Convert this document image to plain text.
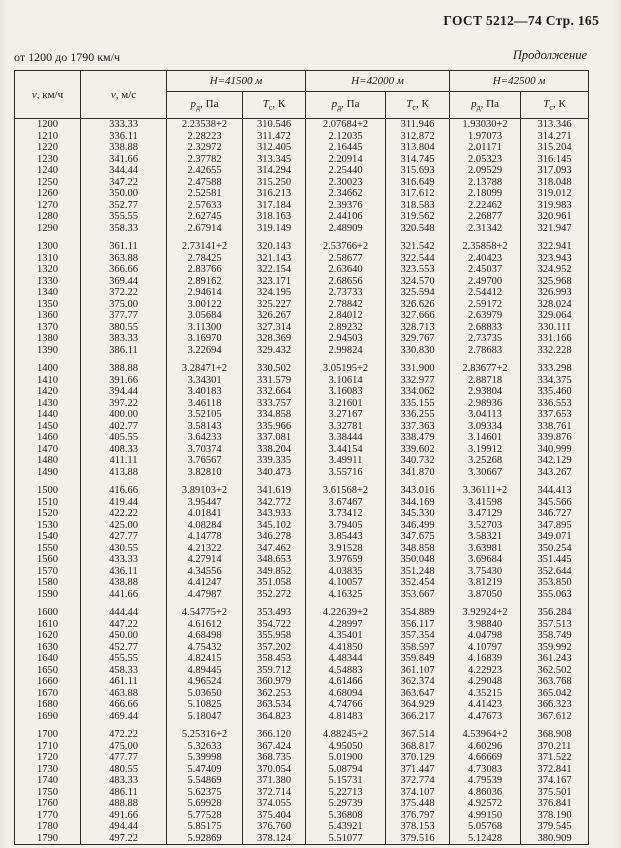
ГОСТ 5212—74 Стр. 165
Продолжение
от 1200 до 1790 км/ч
v, км/ч	v, м/с	Н=41500 м		Н=42000 м		Н=42500 м	
		$р_д$, Па	$Т_с$, К	$р_д$, Па	$Т_с$, К	$р_д$, Па	$Т_с$, К
1200	333.33	2.23538+2	310.546	2.07684+2	311.946	1.93030+2	313.346
1210	336.11	2.28223	311.472	2.12035	312.872	1.97073	314.271
1220	338.88	2.32972	312.405	2.16445	313.804	2.01171	315.204
1230	341.66	2.37782	313.345	2.20914	314.745	2.05323	316.145
1240	344.44	2.42655	314.294	2.25440	315.693	2.09529	317.093
1250	347.22	2.47588	315.250	2.30023	316.649	2.13788	318.048
1260	350.00	2.52581	316.213	2.34662	317.612	2.18099	319.012
1270	352.77	2.57633	317.184	2.39376	318.583	2.22462	319.983
1280	355.55	2.62745	318.163	2.44106	319.562	2.26877	320.961
1290	358.33	2.67914	319.149	2.48909	320.548	2.31342	321.947

1300	361.11	2.73141+2	320.143	2.53766+2	321.542	2.35858+2	322.941
1310	363.88	2.78425	321.143	2.58677	322.544	2.40423	323.943
1320	366.66	2.83766	322.154	2.63640	323.553	2.45037	324.952
1330	369.44	2.89162	323.171	2.68656	324.570	2.49700	325.968
1340	372.22	2.94614	324.195	2.73733	325.594	2.54412	326.993
1350	375.00	3.00122	325.227	2.78842	326.626	2.59172	328.024
1360	377.77	3.05684	326.267	2.84012	327.666	2.63979	329.064
1370	380.55	3.11300	327.314	2.89232	328.713	2.68833	330.111
1380	383.33	3.16970	328.369	2.94503	329.767	2.73735	331.166
1390	386.11	3.22694	329.432	2.99824	330.830	2.78683	332.228

1400	388.88	3.28471+2	330.502	3.05195+2	331.900	2.83677+2	333.298
1410	391.66	3.34301	331.579	3.10614	332.977	2.88718	334.375
1420	394.44	3.40183	332.664	3.16083	334.062	2.93804	335.460
1430	397.22	3.46118	333.757	3.21601	335.155	2.98936	336.553
1440	400.00	3.52105	334.858	3.27167	336.255	3.04113	337.653
1450	402.77	3.58143	335.966	3.32781	337.363	3.09334	338.761
1460	405.55	3.64233	337.081	3.38444	338.479	3.14601	339.876
1470	408.33	3.70374	338.204	3.44154	339.602	3.19912	340.999
1480	411.11	3.76567	339.335	3.49911	340.732	3.25268	342.129
1490	413.88	3.82810	340.473	3.55716	341.870	3.30667	343.267

1500	416.66	3.89103+2	341.619	3.61568+2	343.016	3.36111+2	344.413
1510	419.44	3.95447	342.772	3.67467	344.169	3.41598	345.566
1520	422.22	4.01841	343.933	3.73412	345.330	3.47129	346.727
1530	425.00	4.08284	345.102	3.79405	346.499	3.52703	347.895
1540	427.77	4.14778	346.278	3.85443	347.675	3.58321	349.071
1550	430.55	4.21322	347.462	3.91528	348.858	3.63981	350.254
1560	433.33	4.27914	348.653	3.97659	350.048	3.69684	351.445
1570	436.11	4.34556	349.852	4.03835	351.248	3.75430	352.644
1580	438.88	4.41247	351.058	4.10057	352.454	3.81219	353.850
1590	441.66	4.47987	352.272	4.16325	353.667	3.87050	355.063

1600	444.44	4.54775+2	353.493	4.22639+2	354.889	3.92924+2	356.284
1610	447.22	4.61612	354.722	4.28997	356.117	3.98840	357.513
1620	450.00	4.68498	355.958	4.35401	357.354	4.04798	358.749
1630	452.77	4.75432	357.202	4.41850	358.597	4.10797	359.992
1640	455.55	4.82415	358.453	4.48344	359.849	4.16839	361.243
1650	458.33	4.89445	359.712	4.54883	361.107	4.22923	362.502
1660	461.11	4.96524	360.979	4.61466	362.374	4.29048	363.768
1670	463.88	5.03650	362.253	4.68094	363.647	4.35215	365.042
1680	466.66	5.10825	363.534	4.74766	364.929	4.41423	366.323
1690	469.44	5.18047	364.823	4.81483	366.217	4.47673	367.612

1700	472.22	5.25316+2	366.120	4.88245+2	367.514	4.53964+2	368.908
1710	475.00	5.32633	367.424	4.95050	368.817	4.60296	370.211
1720	477.77	5.39998	368.735	5.01900	370.129	4.66669	371.522
1730	480.55	5.47409	370.054	5.08794	371.447	4.73083	372.841
1740	483.33	5.54869	371.380	5.15731	372.774	4.79539	374.167
1750	486.11	5.62375	372.714	5.22713	374.107	4.86036	375.501
1760	488.88	5.69928	374.055	5.29739	375.448	4.92572	376.841
1770	491.66	5.77528	375.404	5.36808	376.797	4.99150	378.190
1780	494.44	5.85175	376.760	5.43921	378.153	5.05768	379.545
1790	497.22	5.92869	378.124	5.51077	379.516	5.12428	380.909
